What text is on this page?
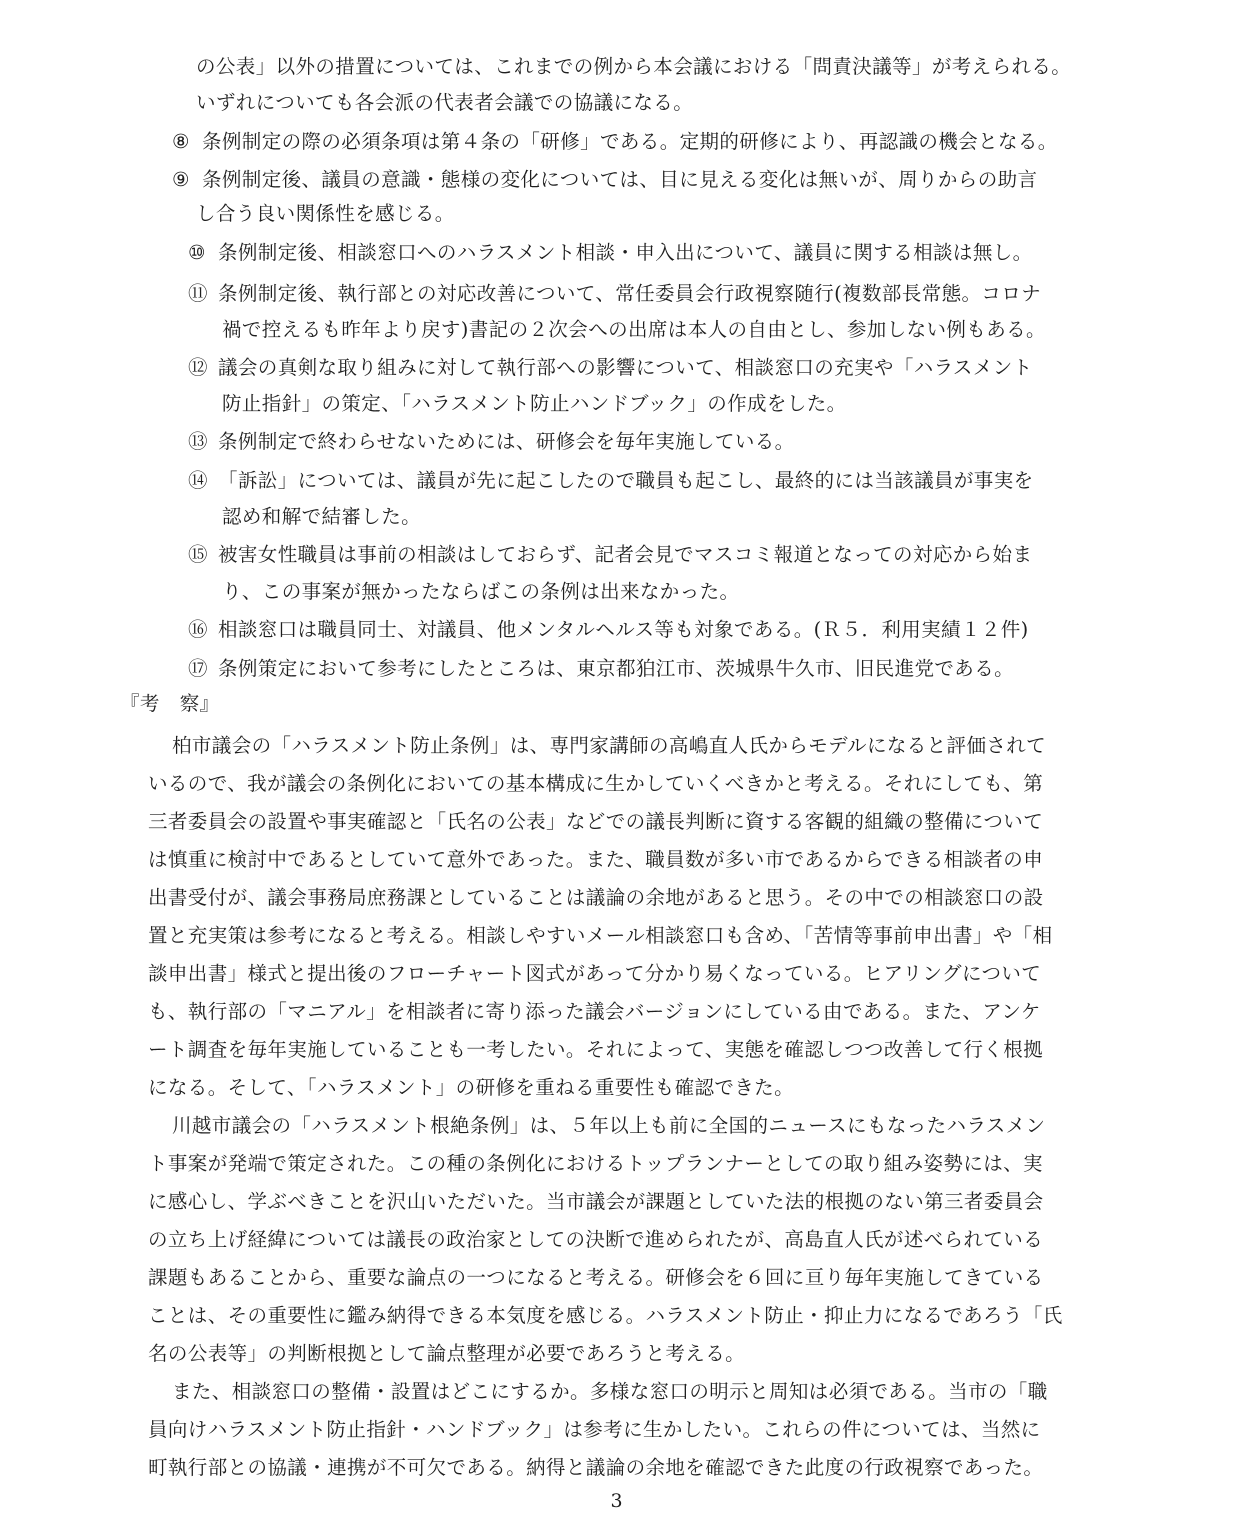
の公表」以外の措置については、これまでの例から本会議における「問責決議等」が考えられる。
いずれについても各会派の代表者会議での協議になる。
⑧ 条例制定の際の必須条項は第４条の「研修」である。定期的研修により、再認識の機会となる。
⑨ 条例制定後、議員の意識・態様の変化については、目に見える変化は無いが、周りからの助言
し合う良い関係性を感じる。
⑩ 条例制定後、相談窓口へのハラスメント相談・申入出について、議員に関する相談は無し。
⑪ 条例制定後、執行部との対応改善について、常任委員会行政視察随行(複数部長常態。コロナ
禍で控えるも昨年より戻す)書記の２次会への出席は本人の自由とし、参加しない例もある。
⑫ 議会の真剣な取り組みに対して執行部への影響について、相談窓口の充実や「ハラスメント
防止指針」の策定、「ハラスメント防止ハンドブック」の作成をした。
⑬ 条例制定で終わらせないためには、研修会を毎年実施している。
⑭ 「訴訟」については、議員が先に起こしたので職員も起こし、最終的には当該議員が事実を
認め和解で結審した。
⑮ 被害女性職員は事前の相談はしておらず、記者会見でマスコミ報道となっての対応から始ま
り、この事案が無かったならばこの条例は出来なかった。
⑯ 相談窓口は職員同士、対議員、他メンタルヘルス等も対象である。(Ｒ５．利用実績１２件)
⑰ 条例策定において参考にしたところは、東京都狛江市、茨城県牛久市、旧民進党である。
『考　察』
柏市議会の「ハラスメント防止条例」は、専門家講師の高嶋直人氏からモデルになると評価されて
いるので、我が議会の条例化においての基本構成に生かしていくべきかと考える。それにしても、第
三者委員会の設置や事実確認と「氏名の公表」などでの議長判断に資する客観的組織の整備について
は慎重に検討中であるとしていて意外であった。また、職員数が多い市であるからできる相談者の申
出書受付が、議会事務局庶務課としていることは議論の余地があると思う。その中での相談窓口の設
置と充実策は参考になると考える。相談しやすいメール相談窓口も含め、「苦情等事前申出書」や「相
談申出書」様式と提出後のフローチャート図式があって分かり易くなっている。ヒアリングについて
も、執行部の「マニアル」を相談者に寄り添った議会バージョンにしている由である。また、アンケ
ート調査を毎年実施していることも一考したい。それによって、実態を確認しつつ改善して行く根拠
になる。そして、「ハラスメント」の研修を重ねる重要性も確認できた。
川越市議会の「ハラスメント根絶条例」は、５年以上も前に全国的ニュースにもなったハラスメン
ト事案が発端で策定された。この種の条例化におけるトップランナーとしての取り組み姿勢には、実
に感心し、学ぶべきことを沢山いただいた。当市議会が課題としていた法的根拠のない第三者委員会
の立ち上げ経緯については議長の政治家としての決断で進められたが、高島直人氏が述べられている
課題もあることから、重要な論点の一つになると考える。研修会を６回に亘り毎年実施してきている
ことは、その重要性に鑑み納得できる本気度を感じる。ハラスメント防止・抑止力になるであろう「氏
名の公表等」の判断根拠として論点整理が必要であろうと考える。
また、相談窓口の整備・設置はどこにするか。多様な窓口の明示と周知は必須である。当市の「職
員向けハラスメント防止指針・ハンドブック」は参考に生かしたい。これらの件については、当然に
町執行部との協議・連携が不可欠である。納得と議論の余地を確認できた此度の行政視察であった。
3
